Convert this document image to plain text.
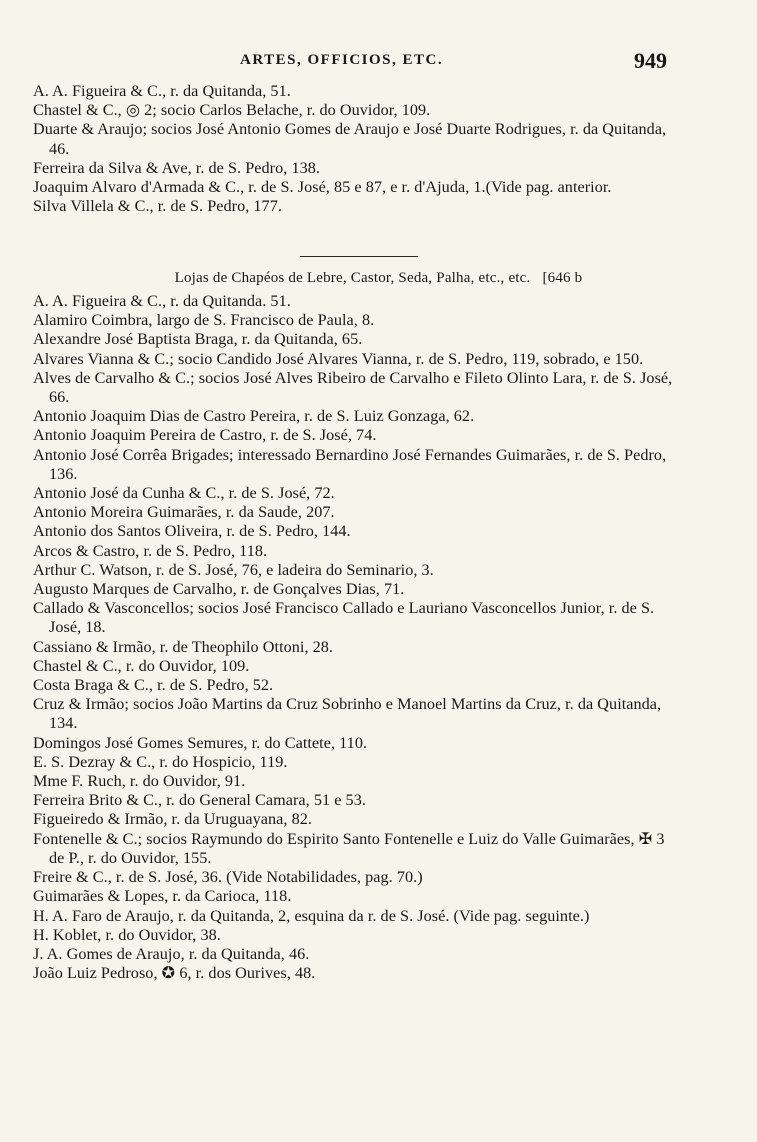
ARTES, OFFICIOS, ETC.	949
A. A. Figueira & C., r. da Quitanda, 51.
Chastel & C., ◎ 2; socio Carlos Belache, r. do Ouvidor, 109.
Duarte & Araujo; socios José Antonio Gomes de Araujo e José Duarte Rodrigues, r. da Quitanda, 46.
Ferreira da Silva & Ave, r. de S. Pedro, 138.
Joaquim Alvaro d'Armada & C., r. de S. José, 85 e 87, e r. d'Ajuda, 1.(Vide pag. anterior.
Silva Villela & C., r. de S. Pedro, 177.
Lojas de Chapéos de Lebre, Castor, Seda, Palha, etc., etc. [646 b
A. A. Figueira & C., r. da Quitanda. 51.
Alamiro Coimbra, largo de S. Francisco de Paula, 8.
Alexandre José Baptista Braga, r. da Quitanda, 65.
Alvares Vianna & C.; socio Candido José Alvares Vianna, r. de S. Pedro, 119, sobrado, e 150.
Alves de Carvalho & C.; socios José Alves Ribeiro de Carvalho e Fileto Olinto Lara, r. de S. José, 66.
Antonio Joaquim Dias de Castro Pereira, r. de S. Luiz Gonzaga, 62.
Antonio Joaquim Pereira de Castro, r. de S. José, 74.
Antonio José Corrêa Brigades; interessado Bernardino José Fernandes Guimarães, r. de S. Pedro, 136.
Antonio José da Cunha & C., r. de S. José, 72.
Antonio Moreira Guimarães, r. da Saude, 207.
Antonio dos Santos Oliveira, r. de S. Pedro, 144.
Arcos & Castro, r. de S. Pedro, 118.
Arthur C. Watson, r. de S. José, 76, e ladeira do Seminario, 3.
Augusto Marques de Carvalho, r. de Gonçalves Dias, 71.
Callado & Vasconcellos; socios José Francisco Callado e Lauriano Vasconcellos Junior, r. de S. José, 18.
Cassiano & Irmão, r. de Theophilo Ottoni, 28.
Chastel & C., r. do Ouvidor, 109.
Costa Braga & C., r. de S. Pedro, 52.
Cruz & Irmão; socios João Martins da Cruz Sobrinho e Manoel Martins da Cruz, r. da Quitanda, 134.
Domingos José Gomes Semures, r. do Cattete, 110.
E. S. Dezray & C., r. do Hospicio, 119.
Mme F. Ruch, r. do Ouvidor, 91.
Ferreira Brito & C., r. do General Camara, 51 e 53.
Figueiredo & Irmão, r. da Uruguayana, 82.
Fontenelle & C.; socios Raymundo do Espirito Santo Fontenelle e Luiz do Valle Guimarães, ✠ 3 de P., r. do Ouvidor, 155.
Freire & C., r. de S. José, 36. (Vide Notabilidades, pag. 70.)
Guimarães & Lopes, r. da Carioca, 118.
H. A. Faro de Araujo, r. da Quitanda, 2, esquina da r. de S. José. (Vide pag. seguinte.)
H. Koblet, r. do Ouvidor, 38.
J. A. Gomes de Araujo, r. da Quitanda, 46.
João Luiz Pedroso, ✪ 6, r. dos Ourives, 48.
